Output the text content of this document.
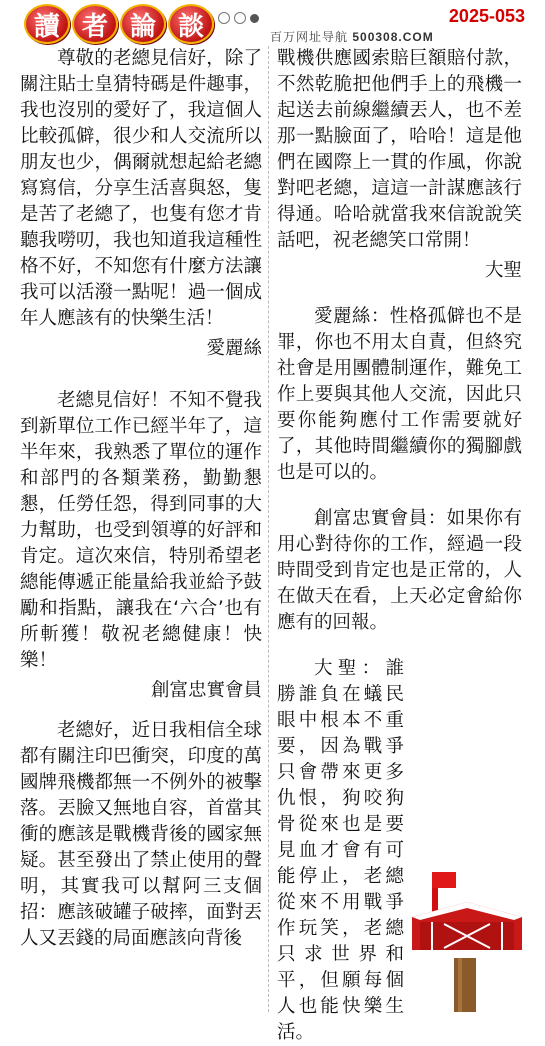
讀 者 論 談	2025-053
百万网址导航 500308.COM

尊敬的老總見信好，除了關注貼士皇猜特碼是件趣事，我也沒別的愛好了，我這個人比較孤僻，很少和人交流所以朋友也少，偶爾就想起給老總寫寫信，分享生活喜與怒，隻是苦了老總了，也隻有您才肯聽我嘮叨，我也知道我這種性格不好，不知您有什麼方法讓我可以活潑一點呢！過一個成年人應該有的快樂生活！

愛麗絲

老總見信好！不知不覺我到新單位工作已經半年了，這半年來，我熟悉了單位的運作和部門的各類業務，勤勤懇懇，任勞任怨，得到同事的大力幫助，也受到領導的好評和肯定。這次來信，特別希望老總能傳遞正能量給我並給予鼓勵和指點，讓我在‘六合’也有所斬獲！敬祝老總健康！快樂！

創富忠實會員

老總好，近日我相信全球都有關注印巴衝突，印度的萬國牌飛機都無一不例外的被擊落。丟臉又無地自容，首當其衝的應該是戰機背後的國家無疑。甚至發出了禁止使用的聲明，其實我可以幫阿三支個招：應該破罐子破摔，面對丟人又丟錢的局面應該向背後

戰機供應國索賠巨額賠付款，不然乾脆把他們手上的飛機一起送去前線繼續丟人，也不差那一點臉面了，哈哈！這是他們在國際上一貫的作風，你說對吧老總，這這一計謀應該行得通。哈哈就當我來信說說笑話吧，祝老總笑口常開！

大聖

愛麗絲：性格孤僻也不是罪，你也不用太自責，但終究社會是用團體制運作，難免工作上要與其他人交流，因此只要你能夠應付工作需要就好了，其他時間繼續你的獨腳戲也是可以的。

創富忠實會員：如果你有用心對待你的工作，經過一段時間受到肯定也是正常的，人在做天在看，上天必定會給你應有的回報。

大聖：誰勝誰負在蟻民眼中根本不重要，因為戰爭只會帶來更多仇恨，狗咬狗骨從來也是要見血才會有可能停止，老總從來不用戰爭作玩笑，老總只求世界和平，但願每個人也能快樂生活。
